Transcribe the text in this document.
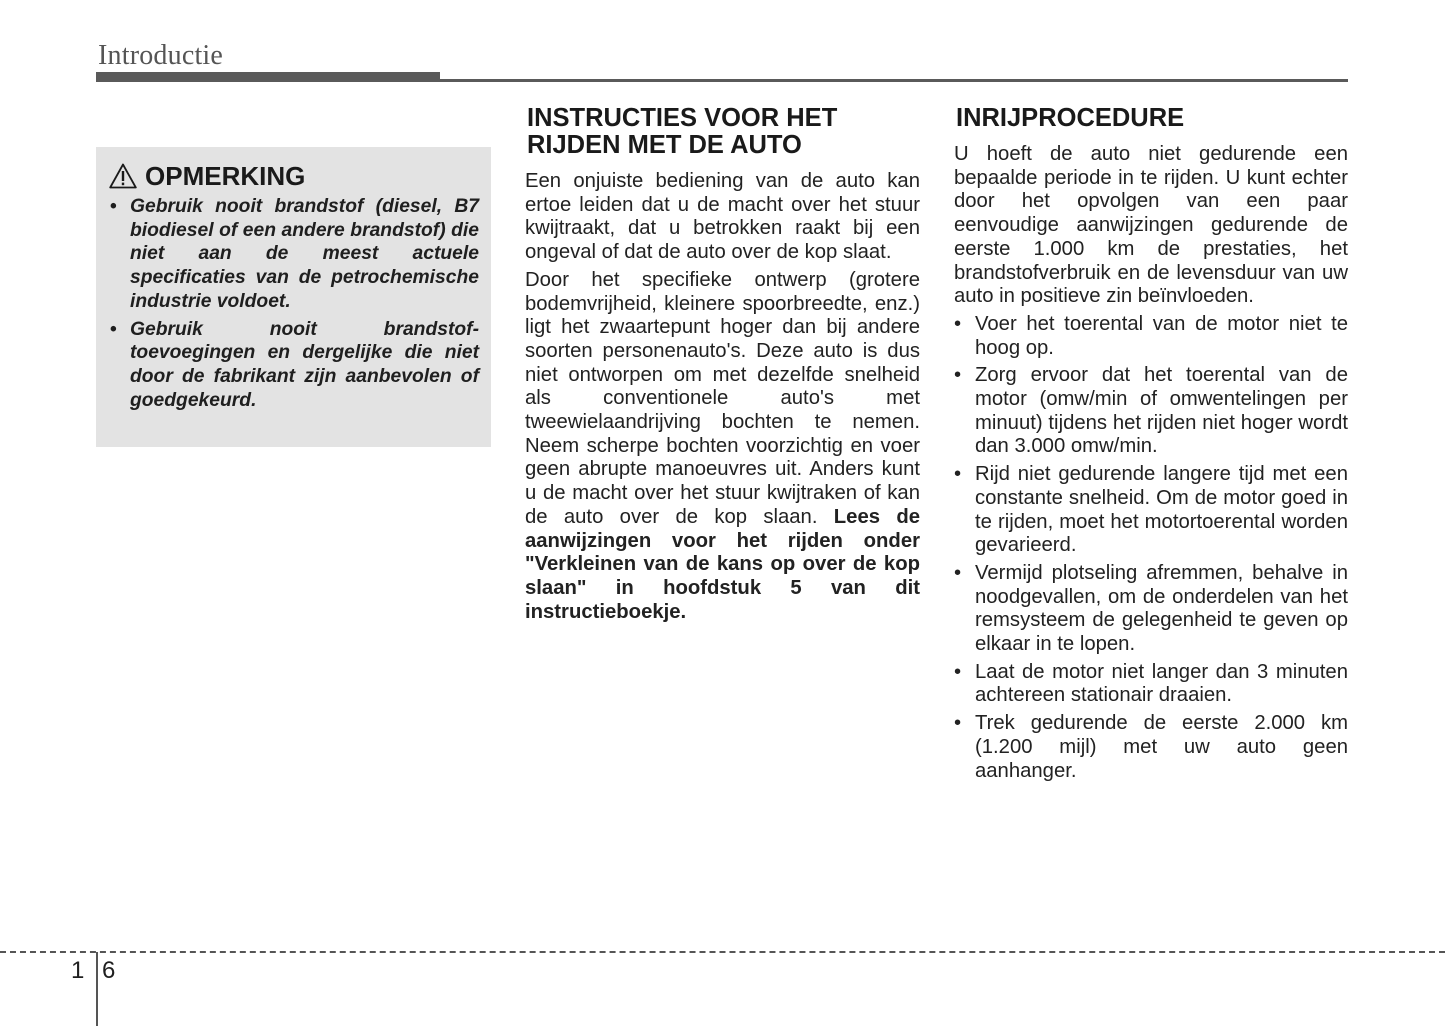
Introductie
OPMERKING
• Gebruik nooit brandstof (diesel, B7 biodiesel of een andere brandstof) die niet aan de meest actuele specificaties van de petrochemische industrie voldoet.
• Gebruik nooit brandstof-toevoegingen en dergelijke die niet door de fabrikant zijn aanbevolen of goedgekeurd.
INSTRUCTIES VOOR HET
RIJDEN MET DE AUTO

Een onjuiste bediening van de auto kan ertoe leiden dat u de macht over het stuur kwijtraakt, dat u betrokken raakt bij een ongeval of dat de auto over de kop slaat.

Door het specifieke ontwerp (grotere bodemvrijheid, kleinere spoorbreedte, enz.) ligt het zwaartepunt hoger dan bij andere soorten personenauto's. Deze auto is dus niet ontworpen om met dezelfde snelheid als conventionele auto's met tweewielaandrijving bochten te nemen. Neem scherpe bochten voorzichtig en voer geen abrupte manoeuvres uit. Anders kunt u de macht over het stuur kwijtraken of kan de auto over de kop slaan. Lees de aanwijzingen voor het rijden onder "Verkleinen van de kans op over de kop slaan" in hoofdstuk 5 van dit instructieboekje.

INRIJPROCEDURE

U hoeft de auto niet gedurende een bepaalde periode in te rijden. U kunt echter door het opvolgen van een paar eenvoudige aanwijzingen gedurende de eerste 1.000 km de prestaties, het brandstofverbruik en de levensduur van uw auto in positieve zin beïnvloeden.

• Voer het toerental van de motor niet te hoog op.
• Zorg ervoor dat het toerental van de motor (omw/min of omwentelingen per minuut) tijdens het rijden niet hoger wordt dan 3.000 omw/min.
• Rijd niet gedurende langere tijd met een constante snelheid. Om de motor goed in te rijden, moet het motortoerental worden gevarieerd.
• Vermijd plotseling afremmen, behalve in noodgevallen, om de onderdelen van het remsysteem de gelegenheid te geven op elkaar in te lopen.
• Laat de motor niet langer dan 3 minuten achtereen stationair draaien.
• Trek gedurende de eerste 2.000 km (1.200 mijl) met uw auto geen aanhanger.
1 6
